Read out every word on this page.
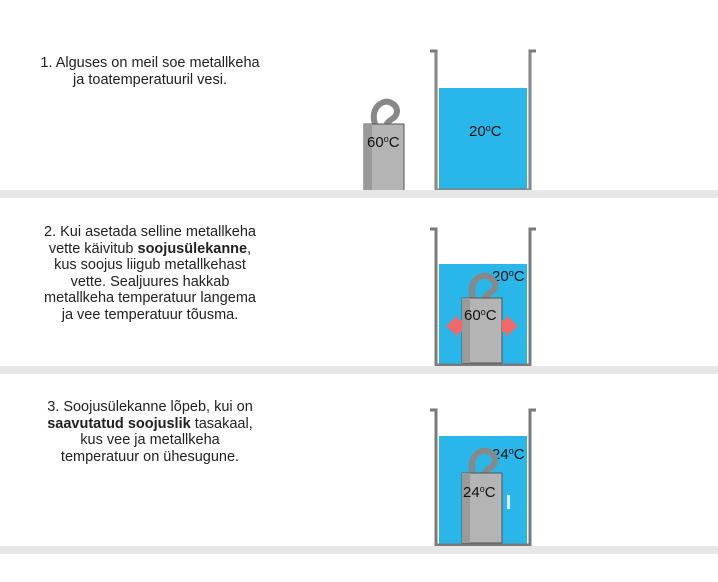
1. Alguses on meil soe metallkeha ja toatemperatuuril vesi.
60$^o$C
20$^o$C
2. Kui asetada selline metallkeha vette käivitub soojusülekanne, kus soojus liigub metallkehast vette. Sealjuures hakkab metallkeha temperatuur langema ja vee temperatuur tõusma.
20$^o$C
60$^o$C
3. Soojusülekanne lõpeb, kui on saavutatud soojuslik tasakaal, kus vee ja metallkeha temperatuur on ühesugune.	24$^o$C
24$^o$C
